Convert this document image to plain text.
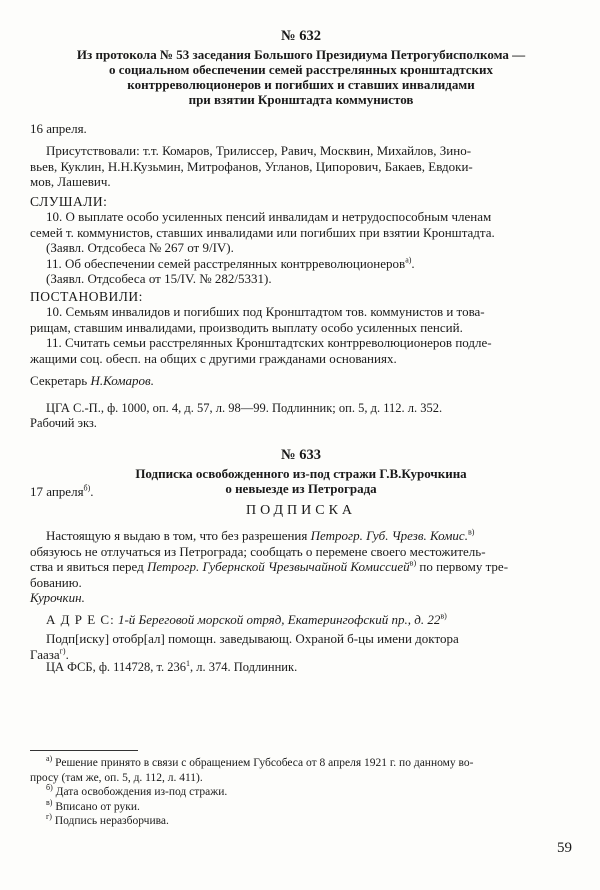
№ 632
Из протокола № 53 заседания Большого Президиума Петрогубисполкома —
о социальном обеспечении семей расстрелянных кронштадтских
контрреволюционеров и погибших и ставших инвалидами
при взятии Кронштадта коммунистов
16 апреля.
Присутствовали: т.т. Комаров, Трилиссер, Равич, Москвин, Михайлов, Зино-
вьев, Куклин, Н.Н.Кузьмин, Митрофанов, Угланов, Ципорович, Бакаев, Евдоки-
мов, Лашевич.
СЛУШАЛИ:
10. О выплате особо усиленных пенсий инвалидам и нетрудоспособным членам
семей т. коммунистов, ставших инвалидами или погибших при взятии Кронштадта.
(Заявл. Отдсобеса № 267 от 9/IV).
11. Об обеспечении семей расстрелянных контрреволюционеров$^{а)}$.
(Заявл. Отдсобеса от 15/IV. № 282/5331).
ПОСТАНОВИЛИ:
10. Семьям инвалидов и погибших под Кронштадтом тов. коммунистов и това-
рищам, ставшим инвалидами, производить выплату особо усиленных пенсий.
11. Считать семьи расстрелянных Кронштадтских контрреволюционеров подле-
жащими соц. обесп. на общих с другими гражданами основаниях.
Секретарь Н.Комаров.
ЦГА С.-П., ф. 1000, оп. 4, д. 57, л. 98—99. Подлинник; оп. 5, д. 112. л. 352.
Рабочий экз.
№ 633
Подписка освобожденного из-под стражи Г.В.Курочкина
о невыезде из Петрограда
17 апреля$^{б)}$.
ПОДПИСКА
Настоящую я выдаю в том, что без разрешения Петрогр. Губ. Чрезв. Комис.$^{в)}$
обязуюсь не отлучаться из Петрограда; сообщать о перемене своего местожитель-
ства и явиться перед Петрогр. Губернской Чрезвычайной Комиссией$^{в)}$ по первому тре-
бованию.
Курочкин.
А Д Р Е С: 1-й Береговой морской отряд, Екатерингофский пр., д. $22^{в)}$
Подп[иску] отобр[ал] помощн. заведывающ. Охраной б-цы имени доктора
Гааза$^{г)}$.
ЦА ФСБ, ф. 114728, т. $236^1$, л. 374. Подлинник.
$^{а)}$ Решение принято в связи с обращением Губсобеса от 8 апреля 1921 г. по данному во-
просу (там же, оп. 5, д. 112, л. 411).
$^{б)}$ Дата освобождения из-под стражи.
$^{в)}$ Вписано от руки.
$^{г)}$ Подпись неразборчива.
59
